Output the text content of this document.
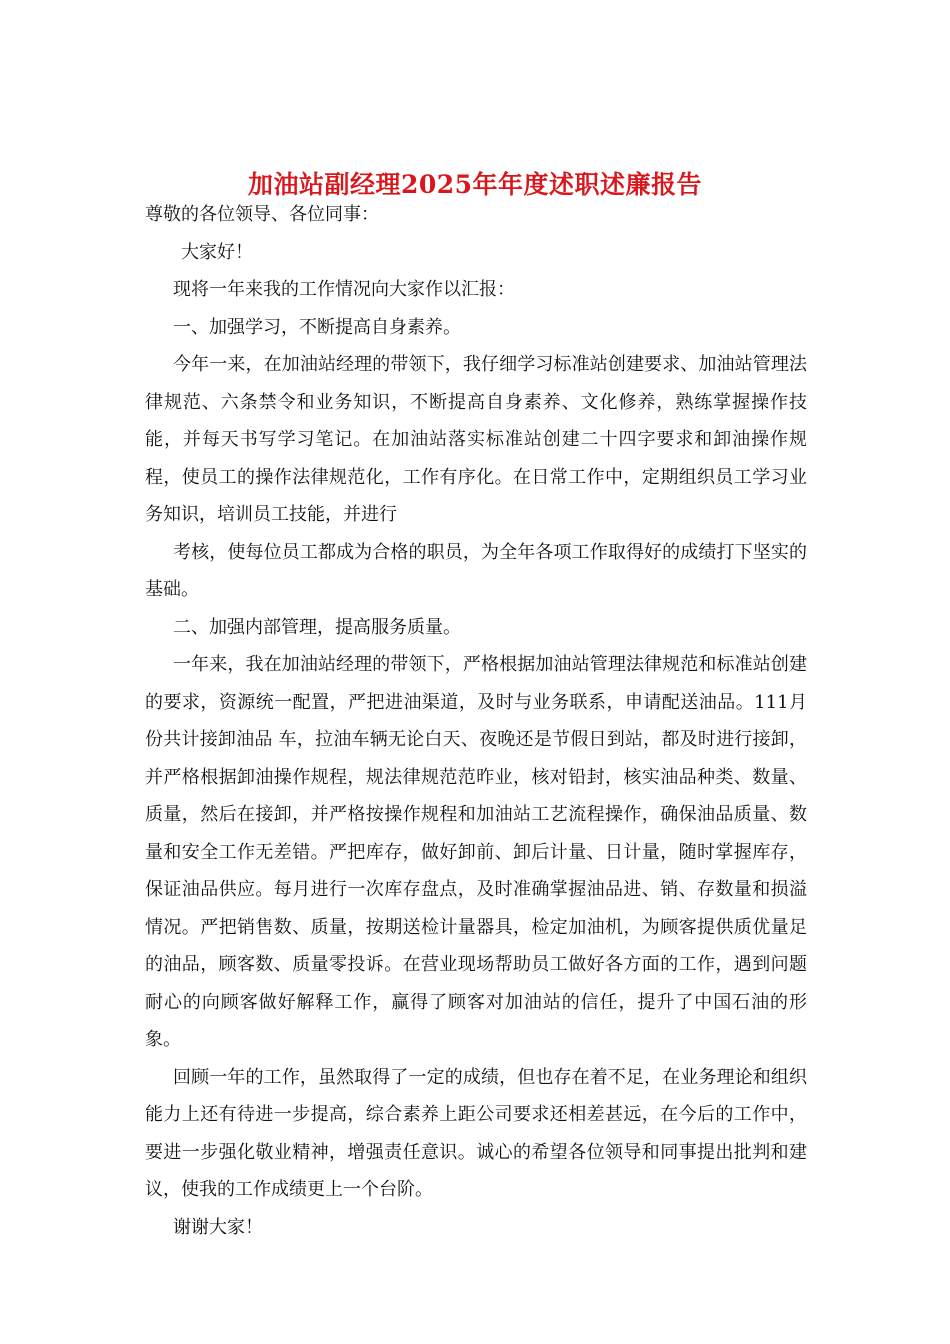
加油站副经理2025年年度述职述廉报告

尊敬的各位领导、各位同事：

大家好！

现将一年来我的工作情况向大家作以汇报：

一、加强学习，不断提高自身素养。

今年一来，在加油站经理的带领下，我仔细学习标准站创建要求、加油站管理法律规范、六条禁令和业务知识，不断提高自身素养、文化修养，熟练掌握操作技能，并每天书写学习笔记。在加油站落实标准站创建二十四字要求和卸油操作规程，使员工的操作法律规范化，工作有序化。在日常工作中，定期组织员工学习业务知识，培训员工技能，并进行

考核，使每位员工都成为合格的职员，为全年各项工作取得好的成绩打下坚实的基础。

二、加强内部管理，提高服务质量。

一年来，我在加油站经理的带领下，严格根据加油站管理法律规范和标准站创建的要求，资源统一配置，严把进油渠道，及时与业务联系，申请配送油品。111月份共计接卸油品 车，拉油车辆无论白天、夜晚还是节假日到站，都及时进行接卸，并严格根据卸油操作规程，规法律规范范昨业，核对铅封，核实油品种类、数量、质量，然后在接卸，并严格按操作规程和加油站工艺流程操作，确保油品质量、数量和安全工作无差错。严把库存，做好卸前、卸后计量、日计量，随时掌握库存，保证油品供应。每月进行一次库存盘点，及时准确掌握油品进、销、存数量和损溢情况。严把销售数、质量，按期送检计量器具，检定加油机，为顾客提供质优量足的油品，顾客数、质量零投诉。在营业现场帮助员工做好各方面的工作，遇到问题耐心的向顾客做好解释工作，赢得了顾客对加油站的信任，提升了中国石油的形象。

回顾一年的工作，虽然取得了一定的成绩，但也存在着不足，在业务理论和组织能力上还有待进一步提高，综合素养上距公司要求还相差甚远，在今后的工作中，要进一步强化敬业精神，增强责任意识。诚心的希望各位领导和同事提出批判和建议，使我的工作成绩更上一个台阶。

谢谢大家！
